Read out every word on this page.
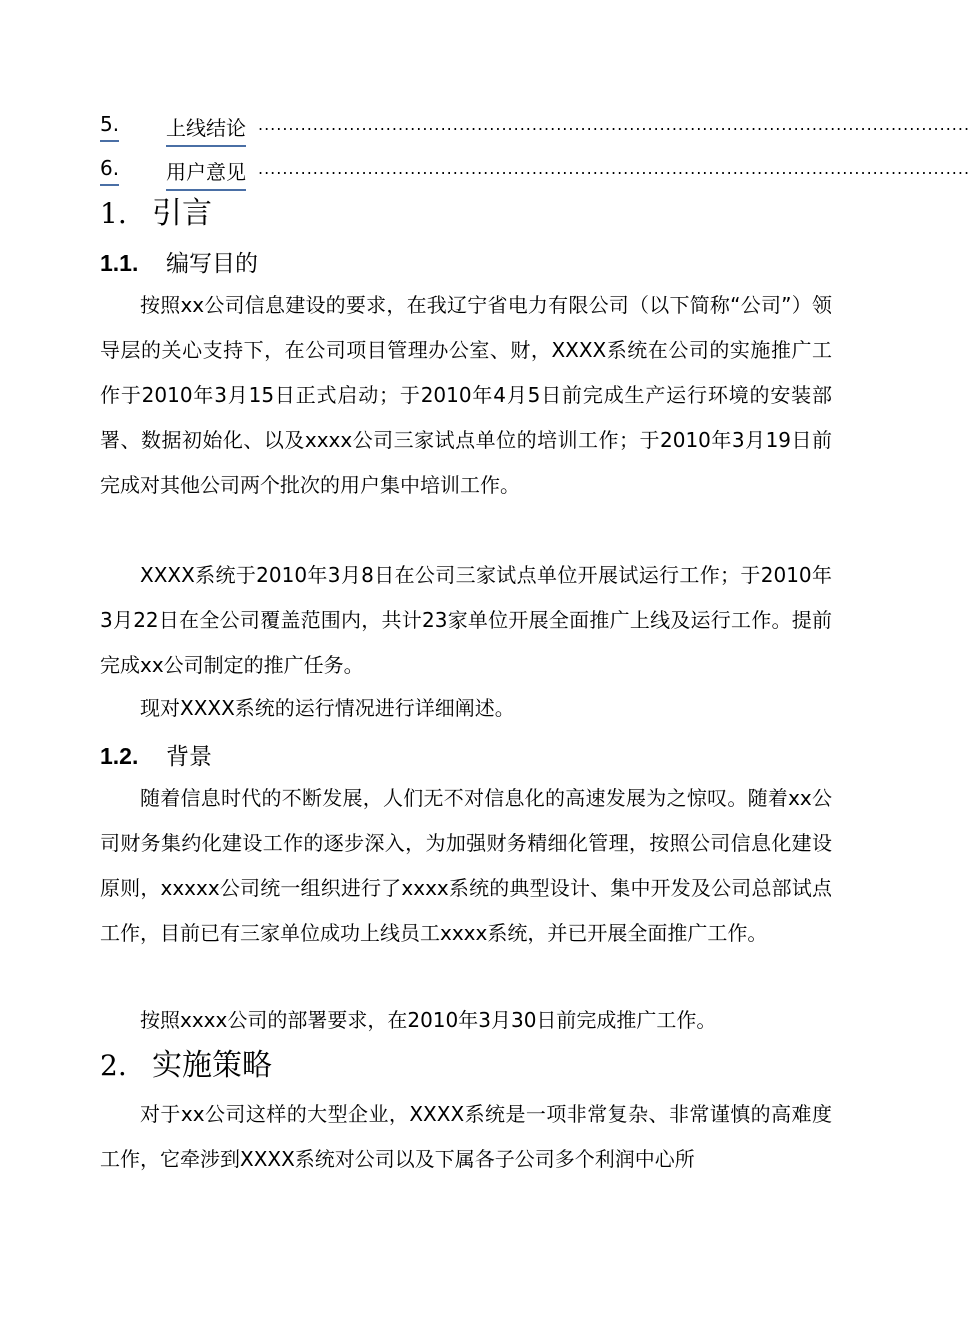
5. 上线结论 .....................................................................................................................
6. 用户意见 .....................................................................................................................
1. 引言
1.1. 编写目的

按照xx公司信息建设的要求，在我辽宁省电力有限公司（以下简称“公司”）领导层的关心支持下，在公司项目管理办公室、财，XXXX系统在公司的实施推广工作于2010年3月15日正式启动；于2010年4月5日前完成生产运行环境的安装部署、数据初始化、以及xxxx公司三家试点单位的培训工作；于2010年3月19日前完成对其他公司两个批次的用户集中培训工作。

XXXX系统于2010年3月8日在公司三家试点单位开展试运行工作；于2010年3月22日在全公司覆盖范围内，共计23家单位开展全面推广上线及运行工作。提前完成xx公司制定的推广任务。

现对XXXX系统的运行情况进行详细阐述。

1.2. 背景

随着信息时代的不断发展，人们无不对信息化的高速发展为之惊叹。随着xx公司财务集约化建设工作的逐步深入，为加强财务精细化管理，按照公司信息化建设原则，xxxxx公司统一组织进行了xxxx系统的典型设计、集中开发及公司总部试点工作，目前已有三家单位成功上线员工xxxx系统，并已开展全面推广工作。

按照xxxx公司的部署要求，在2010年3月30日前完成推广工作。

2. 实施策略

对于xx公司这样的大型企业，XXXX系统是一项非常复杂、非常谨慎的高难度工作，它牵涉到XXXX系统对公司以及下属各子公司多个利润中心所
